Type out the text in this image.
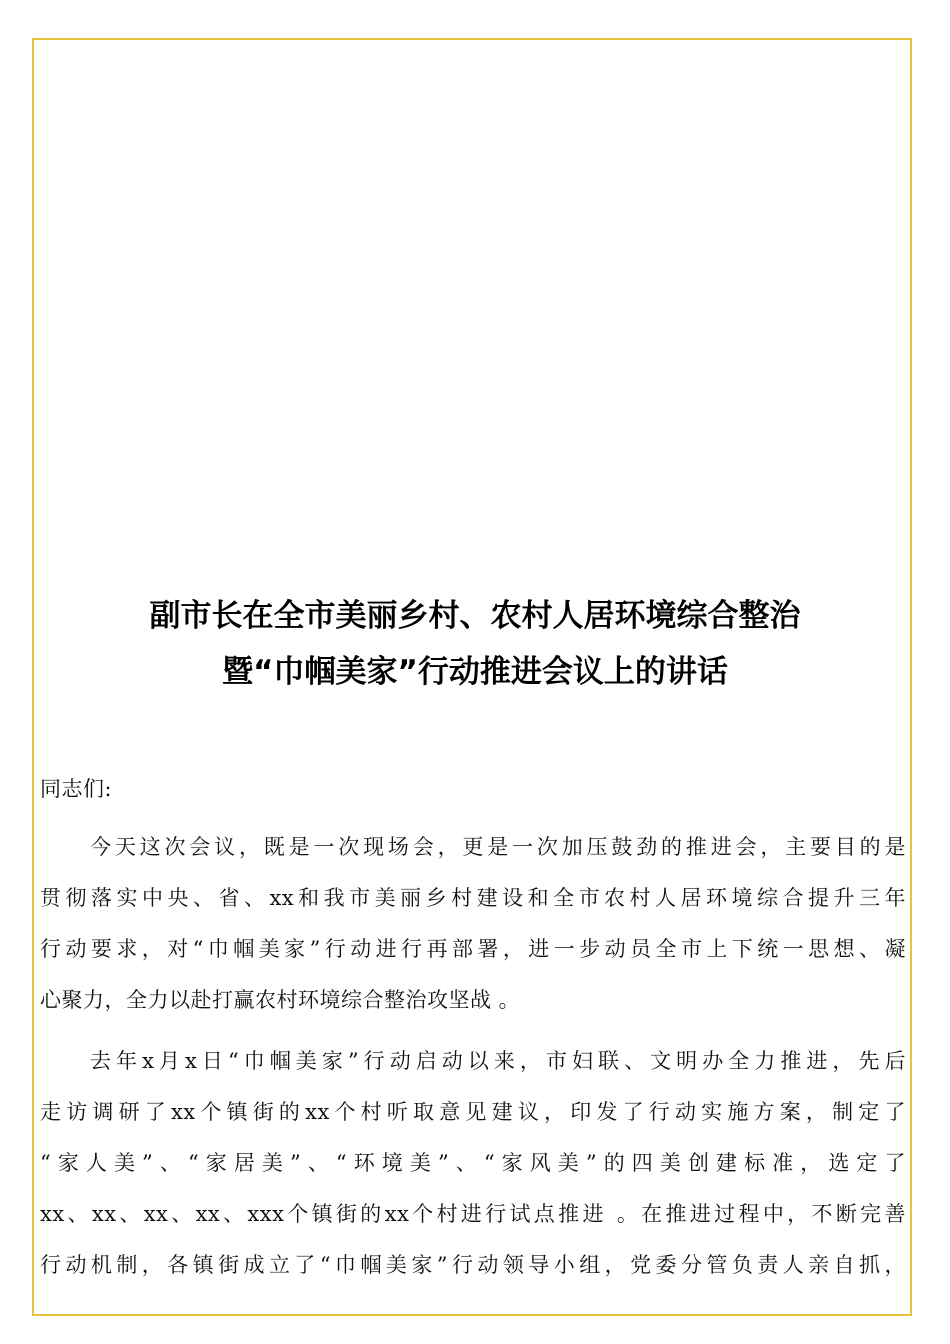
副市长在全市美丽乡村、农村人居环境综合整治
暨“巾帼美家”行动推进会议上的讲话
同志们:
今天这次会议，既是一次现场会，更是一次加压鼓劲的推进会，主要目的是
贯彻落实中央、省、xx和我市美丽乡村建设和全市农村人居环境综合提升三年
行动要求，对“巾帼美家”行动进行再部署，进一步动员全市上下统一思想、凝
心聚力，全力以赴打赢农村环境综合整治攻坚战 。
去年x月x日“巾帼美家”行动启动以来，市妇联、文明办全力推进，先后
走访调研了xx个镇街的xx个村听取意见建议，印发了行动实施方案，制定了
“家人美”、“家居美”、“环境美”、“家风美”的四美创建标准，选定了
xx、xx、xx、xx、xxx个镇街的xx个村进行试点推进 。在推进过程中，不断完善
行动机制，各镇街成立了“巾帼美家”行动领导小组，党委分管负责人亲自抓，
